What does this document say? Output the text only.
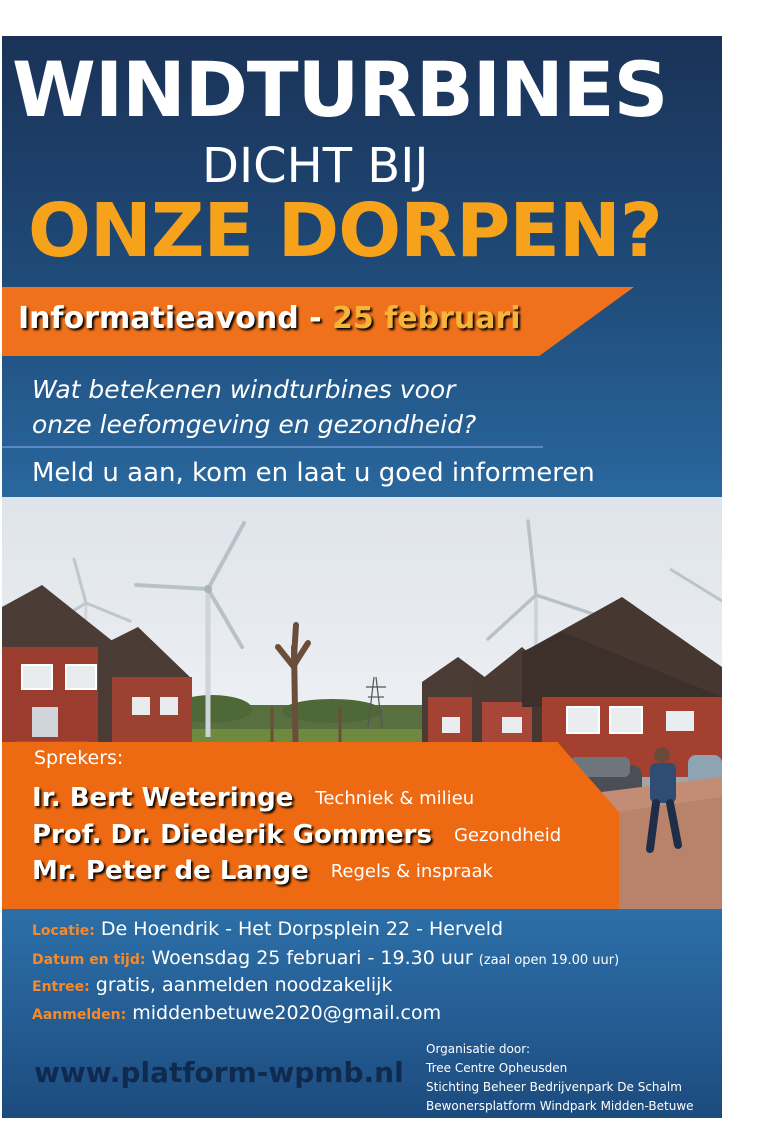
WINDTURBINES
DICHT BIJ
ONZE DORPEN?
Informatieavond - 25 februari
Wat betekenen windturbines voor
onze leefomgeving en gezondheid?
Meld u aan, kom en laat u goed informeren
Sprekers:
Ir. Bert Weteringe Techniek & milieu
Prof. Dr. Diederik Gommers Gezondheid
Mr. Peter de Lange Regels & inspraak
Locatie: De Hoendrik - Het Dorpsplein 22 - Herveld
Datum en tijd: Woensdag 25 februari - 19.30 uur (zaal open 19.00 uur)
Entree: gratis, aanmelden noodzakelijk
Aanmelden: middenbetuwe2020@gmail.com
www.platform-wpmb.nl
Organisatie door:
Tree Centre Opheusden
Stichting Beheer Bedrijvenpark De Schalm
Bewonersplatform Windpark Midden-Betuwe
